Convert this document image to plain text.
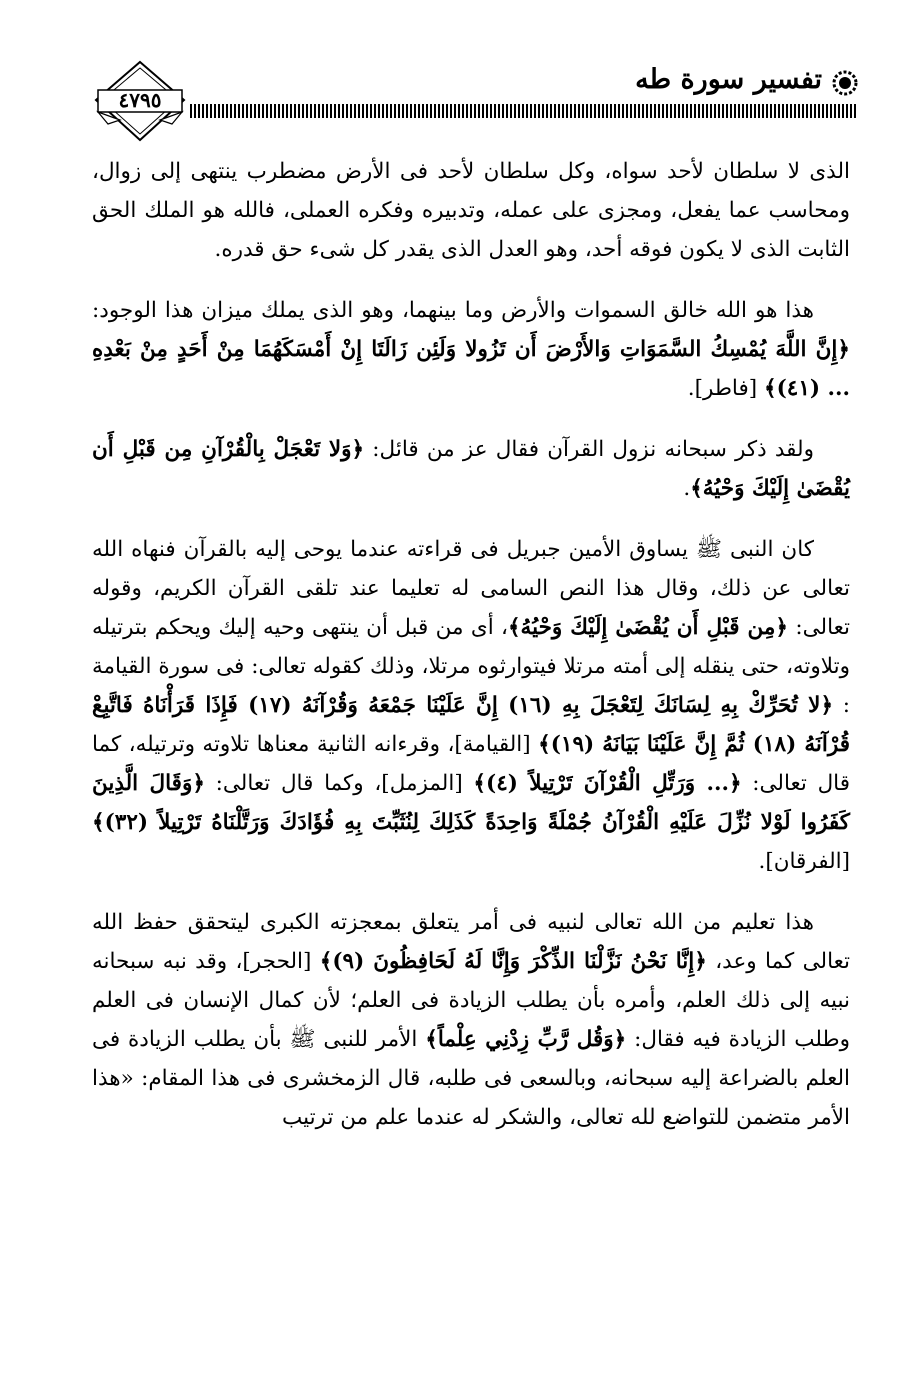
٤٧٩٥
تفسير سورة طه

الذى لا سلطان لأحد سواه، وكل سلطان لأحد فى الأرض مضطرب ينتهى إلى زوال، ومحاسب عما يفعل، ومجزى على عمله، وتدبيره وفكره العملى، فالله هو الملك الحق الثابت الذى لا يكون فوقه أحد، وهو العدل الذى يقدر كل شىء حق قدره.

هذا هو الله خالق السموات والأرض وما بينهما، وهو الذى يملك ميزان هذا الوجود: ﴿إِنَّ اللَّهَ يُمْسِكُ السَّمَوَاتِ وَالأَرْضَ أَن تَزُولا وَلَئِن زَالَتَا إِنْ أَمْسَكَهُمَا مِنْ أَحَدٍ مِنْ بَعْدِهِ ... (٤١)﴾ [فاطر].

ولقد ذكر سبحانه نزول القرآن فقال عز من قائل: ﴿وَلا تَعْجَلْ بِالْقُرْآنِ مِن قَبْلِ أَن يُقْضَىٰ إِلَيْكَ وَحْيُهُ﴾.

كان النبى ﷺ يساوق الأمين جبريل فى قراءته عندما يوحى إليه بالقرآن فنهاه الله تعالى عن ذلك، وقال هذا النص السامى له تعليما عند تلقى القرآن الكريم، وقوله تعالى: ﴿مِن قَبْلِ أَن يُقْضَىٰ إِلَيْكَ وَحْيُهُ﴾، أى من قبل أن ينتهى وحيه إليك ويحكم بترتيله وتلاوته، حتى ينقله إلى أمته مرتلا فيتوارثوه مرتلا، وذلك كقوله تعالى: فى سورة القيامة : ﴿لا تُحَرِّكْ بِهِ لِسَانَكَ لِتَعْجَلَ بِهِ (١٦) إِنَّ عَلَيْنَا جَمْعَهُ وَقُرْآنَهُ (١٧) فَإِذَا قَرَأْنَاهُ فَاتَّبِعْ قُرْآنَهُ (١٨) ثُمَّ إِنَّ عَلَيْنَا بَيَانَهُ (١٩)﴾ [القيامة]، وقرءانه الثانية معناها تلاوته وترتيله، كما قال تعالى: ﴿... وَرَتِّلِ الْقُرْآنَ تَرْتِيلاً (٤)﴾ [المزمل]، وكما قال تعالى: ﴿وَقَالَ الَّذِينَ كَفَرُوا لَوْلا نُزِّلَ عَلَيْهِ الْقُرْآنُ جُمْلَةً وَاحِدَةً كَذَلِكَ لِنُثَبِّتَ بِهِ فُؤَادَكَ وَرَتَّلْنَاهُ تَرْتِيلاً (٣٢)﴾ [الفرقان].

هذا تعليم من الله تعالى لنبيه فى أمر يتعلق بمعجزته الكبرى ليتحقق حفظ الله تعالى كما وعد، ﴿إِنَّا نَحْنُ نَزَّلْنَا الذِّكْرَ وَإِنَّا لَهُ لَحَافِظُونَ (٩)﴾ [الحجر]، وقد نبه سبحانه نبيه إلى ذلك العلم، وأمره بأن يطلب الزيادة فى العلم؛ لأن كمال الإنسان فى العلم وطلب الزيادة فيه فقال: ﴿وَقُل رَّبِّ زِدْنِي عِلْماً﴾ الأمر للنبى ﷺ بأن يطلب الزيادة فى العلم بالضراعة إليه سبحانه، وبالسعى فى طلبه، قال الزمخشرى فى هذا المقام: «هذا الأمر متضمن للتواضع لله تعالى، والشكر له عندما علم من ترتيب
